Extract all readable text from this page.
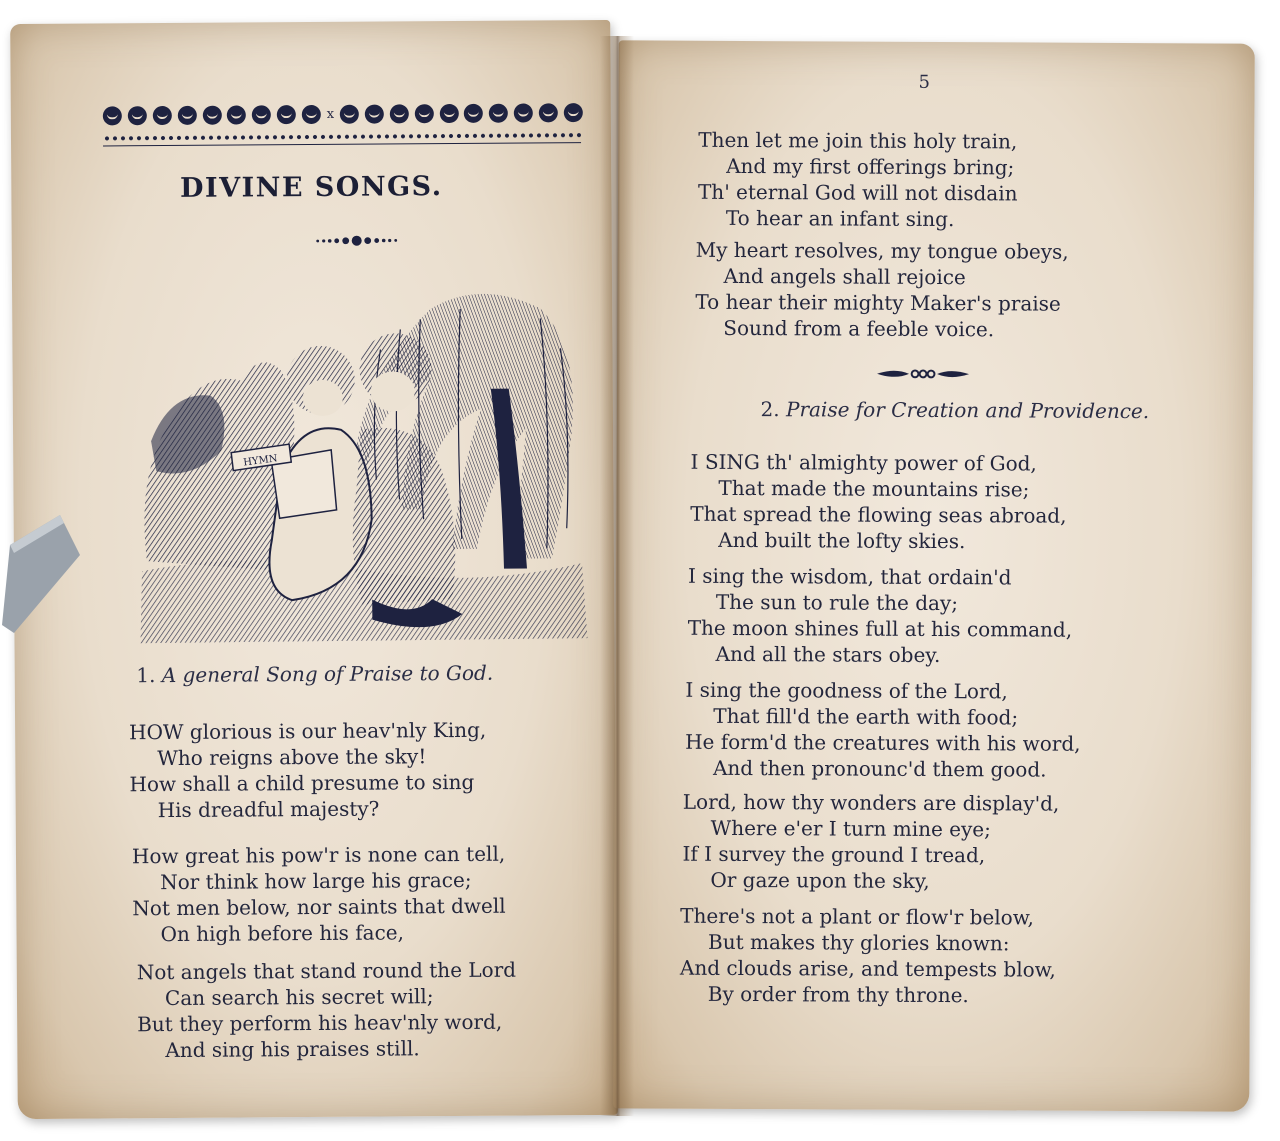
x
DIVINE SONGS.
HYMN
1. A general Song of Praise to God.
HOW glorious is our heav'nly King,
Who reigns above the sky!
How shall a child presume to sing
His dreadful majesty?
How great his pow'r is none can tell,
Nor think how large his grace;
Not men below, nor saints that dwell
On high before his face,
Not angels that stand round the Lord
Can search his secret will;
But they perform his heav'nly word,
And sing his praises still.
5
Then let me join this holy train,
And my first offerings bring;
Th' eternal God will not disdain
To hear an infant sing.
My heart resolves, my tongue obeys,
And angels shall rejoice
To hear their mighty Maker's praise
Sound from a feeble voice.
2. Praise for Creation and Providence.
I SING th' almighty power of God,
That made the mountains rise;
That spread the flowing seas abroad,
And built the lofty skies.
I sing the wisdom, that ordain'd
The sun to rule the day;
The moon shines full at his command,
And all the stars obey.
I sing the goodness of the Lord,
That fill'd the earth with food;
He form'd the creatures with his word,
And then pronounc'd them good.
Lord, how thy wonders are display'd,
Where e'er I turn mine eye;
If I survey the ground I tread,
Or gaze upon the sky,
There's not a plant or flow'r below,
But makes thy glories known:
And clouds arise, and tempests blow,
By order from thy throne.
